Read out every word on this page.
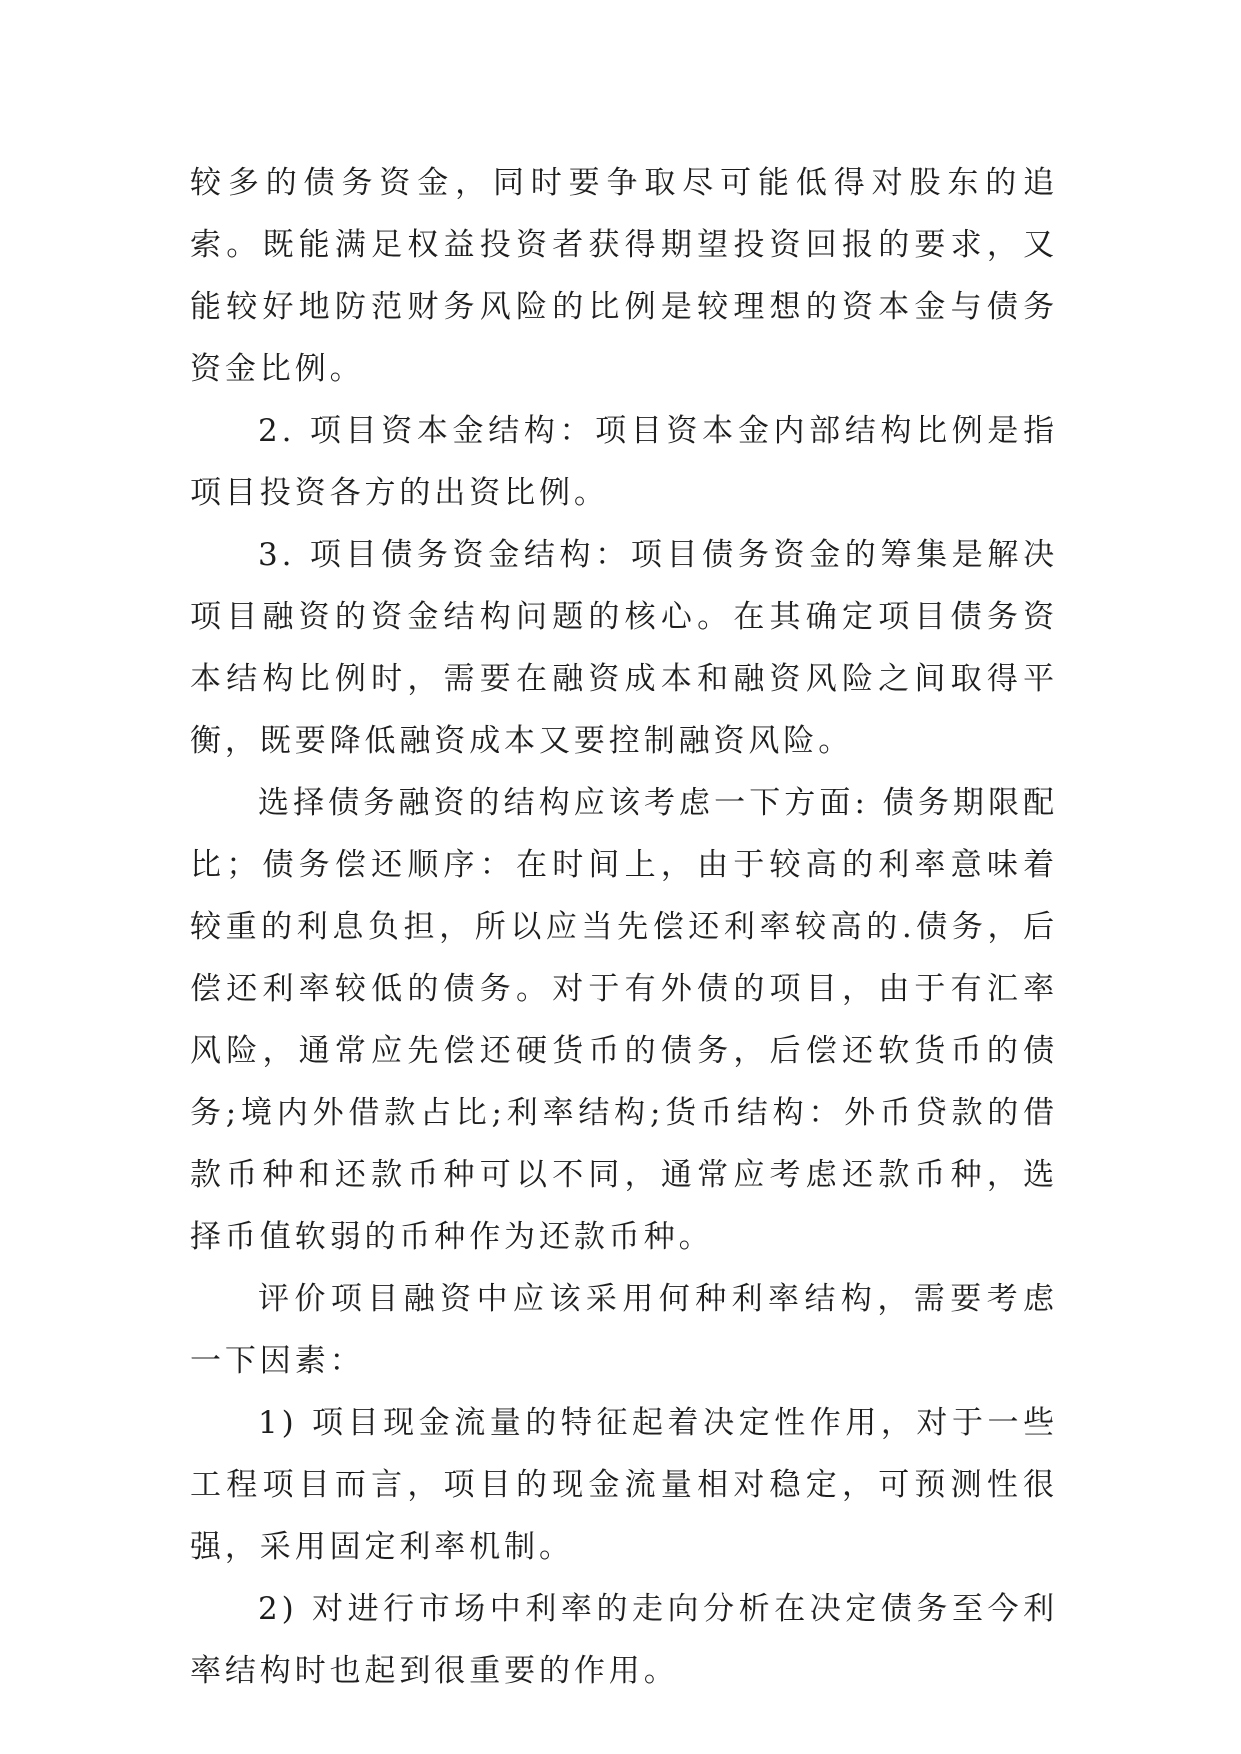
较多的债务资金，同时要争取尽可能低得对股东的追索。既能满足权益投资者获得期望投资回报的要求，又能较好地防范财务风险的比例是较理想的资本金与债务资金比例。

2. 项目资本金结构：项目资本金内部结构比例是指项目投资各方的出资比例。

3. 项目债务资金结构：项目债务资金的筹集是解决项目融资的资金结构问题的核心。在其确定项目债务资本结构比例时，需要在融资成本和融资风险之间取得平衡，既要降低融资成本又要控制融资风险。

选择债务融资的结构应该考虑一下方面: 债务期限配比；债务偿还顺序：在时间上，由于较高的利率意味着较重的利息负担，所以应当先偿还利率较高的.债务，后偿还利率较低的债务。对于有外债的项目，由于有汇率风险，通常应先偿还硬货币的债务，后偿还软货币的债务;境内外借款占比;利率结构;货币结构：外币贷款的借款币种和还款币种可以不同，通常应考虑还款币种，选择币值软弱的币种作为还款币种。

评价项目融资中应该采用何种利率结构，需要考虑一下因素：

1) 项目现金流量的特征起着决定性作用，对于一些工程项目而言，项目的现金流量相对稳定，可预测性很强，采用固定利率机制。

2) 对进行市场中利率的走向分析在决定债务至今利率结构时也起到很重要的作用。
